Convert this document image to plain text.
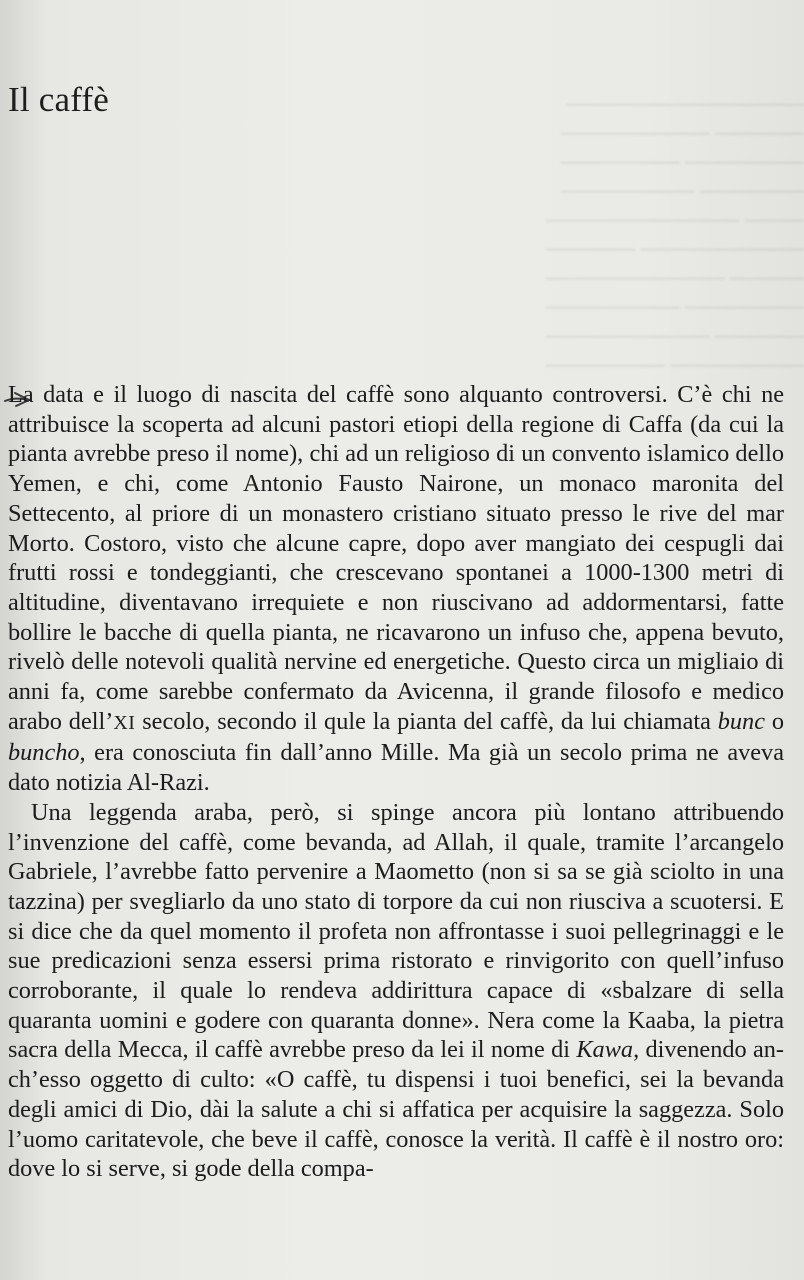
────────────────
────── ──────────
──────── ────────
─────── ─────────
──── ─────────────
─────────── ──────
───── ────────────
──────── ─────────
────── ───────────
───────── ────────
Il caffè

La data e il luogo di nascita del caffè sono alquanto controversi. C’è chi ne attribuisce la scoperta ad alcuni pastori etiopi della regione di Caffa (da cui la pianta avrebbe preso il nome), chi ad un religioso di un convento islamico dello Yemen, e chi, come Antonio Fausto Nairone, un monaco maronita del Settecento, al priore di un monastero cristiano situato presso le rive del mar Morto. Costoro, visto che alcune capre, dopo aver mangiato dei cespugli dai frutti rossi e tondeggianti, che crescevano spontanei a 1000-1300 metri di altitudine, diventavano irrequiete e non riuscivano ad addormentarsi, fatte bollire le bacche di quella pianta, ne ricavarono un infuso che, appena bevuto, rivelò delle notevoli qualità nervine ed energetiche. Questo circa un migliaio di anni fa, come sarebbe confermato da Avicenna, il grande filosofo e medico arabo dell’XI secolo, secondo il qule la pianta del caffè, da lui chiamata bunc o buncho, era conosciuta fin dall’anno Mille. Ma già un secolo prima ne aveva dato notizia Al-Razi.

Una leggenda araba, però, si spinge ancora più lontano attribuendo l’invenzione del caffè, come bevanda, ad Allah, il quale, tramite l’arcangelo Gabriele, l’avrebbe fatto pervenire a Maometto (non si sa se già sciolto in una tazzina) per svegliarlo da uno stato di torpore da cui non riusciva a scuotersi. E si dice che da quel momento il profeta non affrontasse i suoi pellegrinaggi e le sue predicazioni senza essersi prima ristorato e rinvigorito con quell’infuso corroborante, il quale lo rendeva addirittura capace di «sbalzare di sella quaranta uomini e godere con quaranta donne». Nera come la Kaaba, la pietra sacra della Mecca, il caffè avrebbe preso da lei il nome di Kawa, divenendo anch’esso oggetto di culto: «O caffè, tu dispensi i tuoi benefici, sei la bevanda degli amici di Dio, dài la salute a chi si affatica per acquisire la saggezza. Solo l’uomo caritatevole, che beve il caffè, conosce la verità. Il caffè è il nostro oro: dove lo si serve, si gode della compa-
